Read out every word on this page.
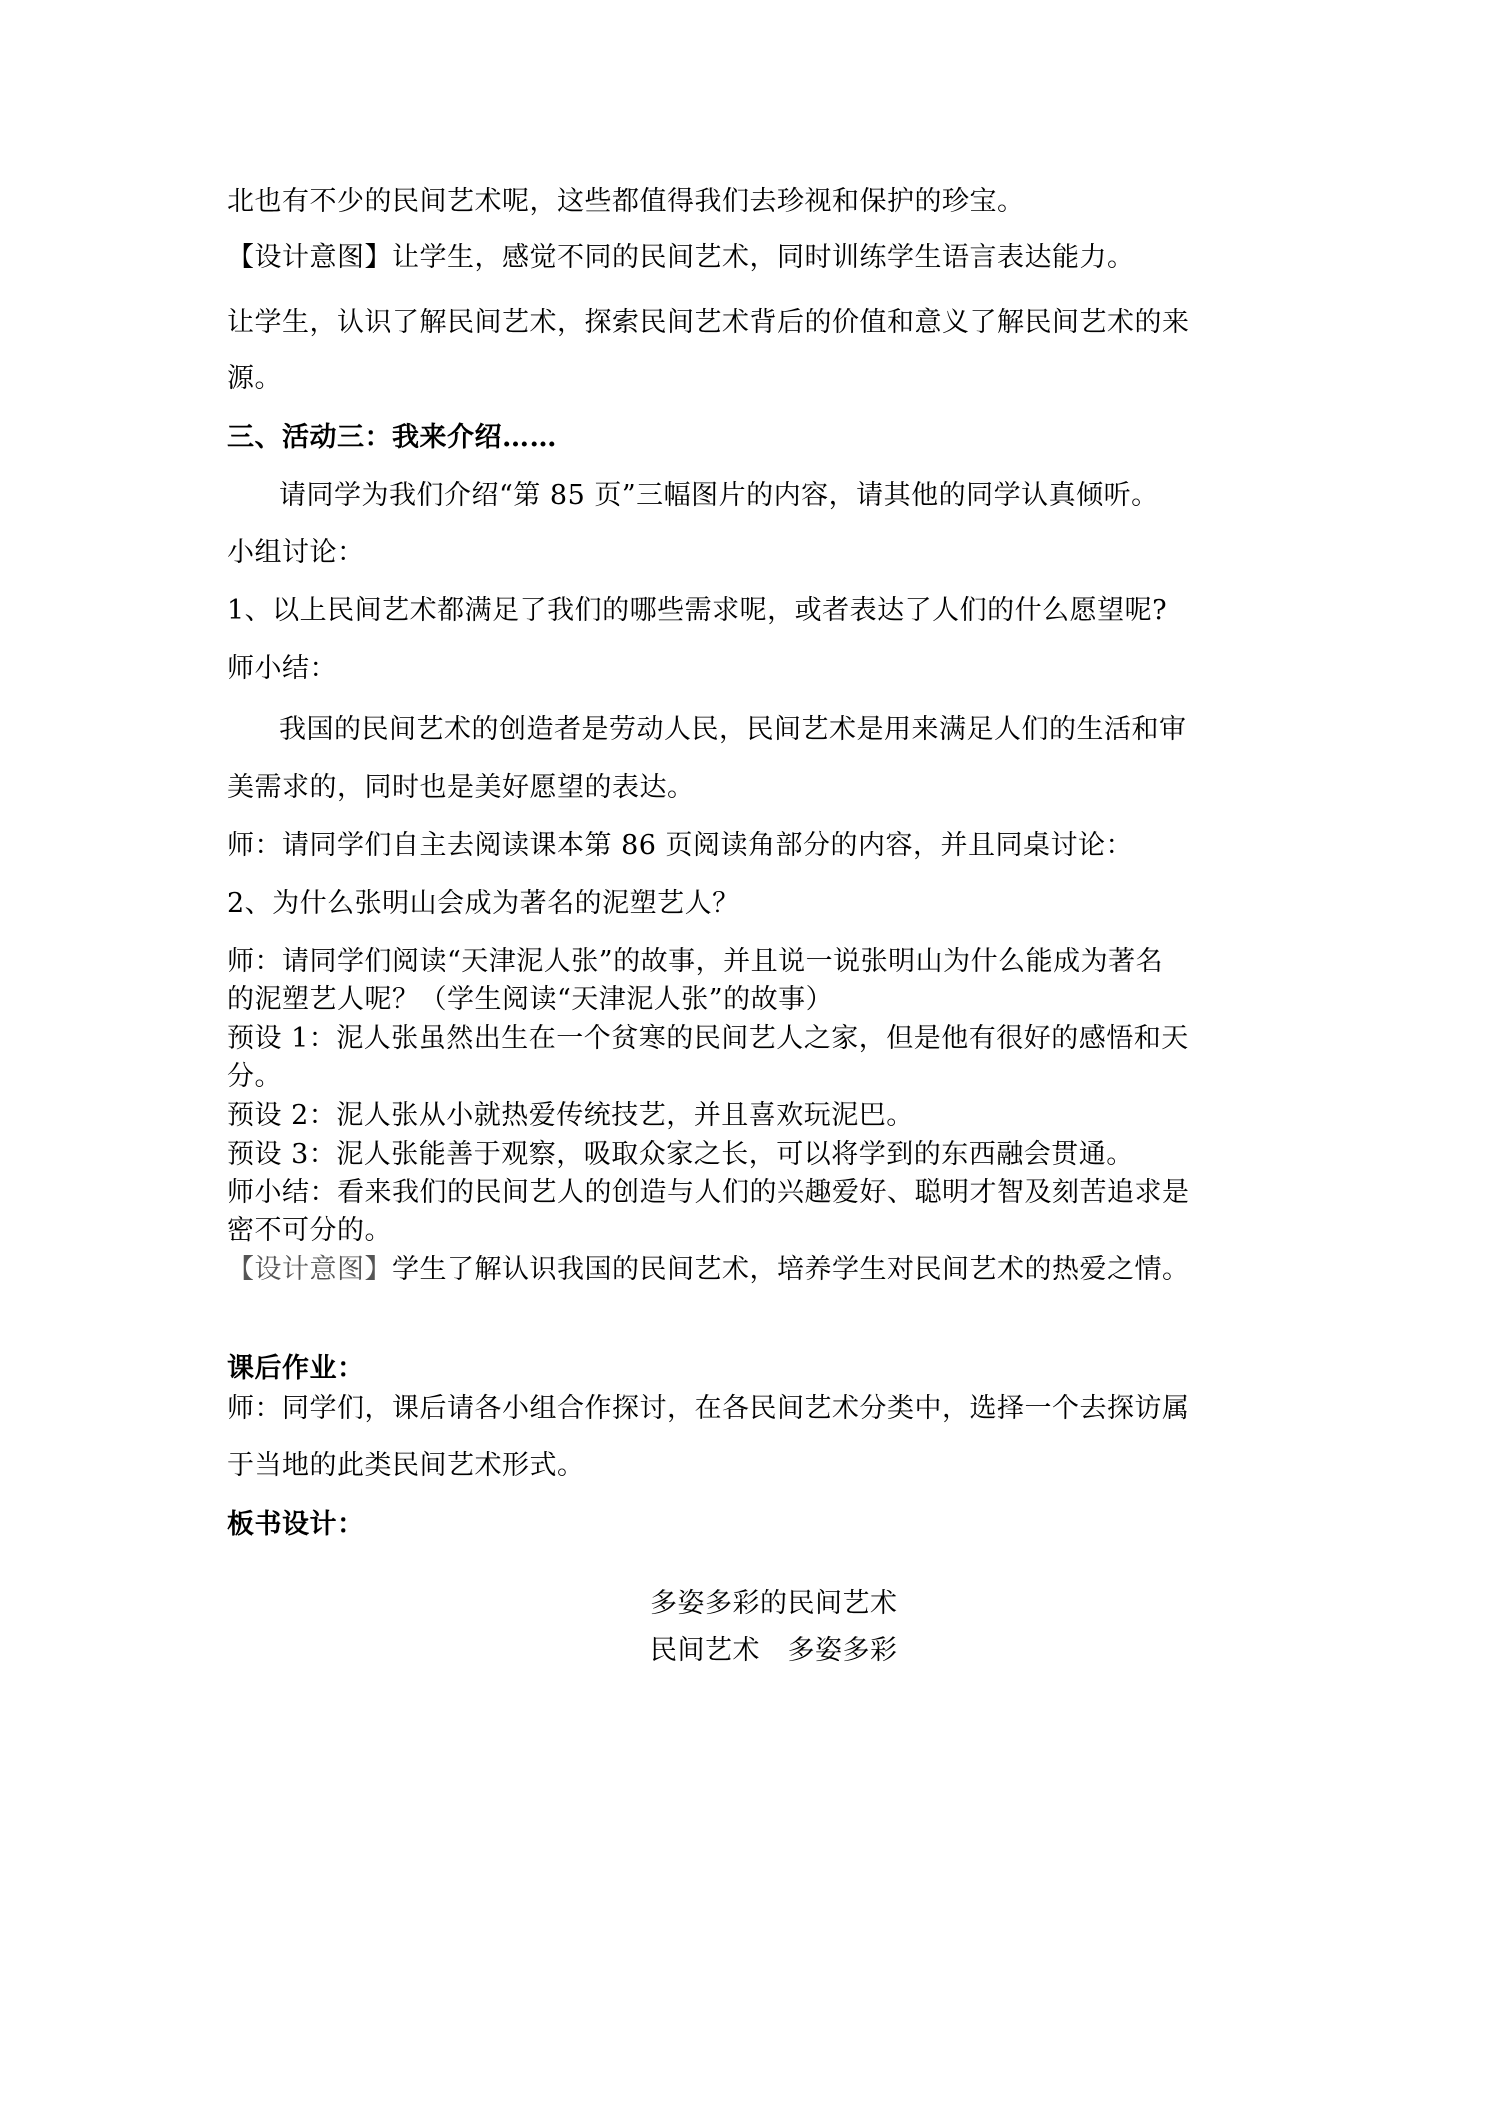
北也有不少的民间艺术呢，这些都值得我们去珍视和保护的珍宝。
【设计意图】让学生，感觉不同的民间艺术，同时训练学生语言表达能力。
让学生，认识了解民间艺术，探索民间艺术背后的价值和意义了解民间艺术的来
源。
三、活动三：我来介绍……
请同学为我们介绍“第 85 页”三幅图片的内容，请其他的同学认真倾听。
小组讨论：
1、以上民间艺术都满足了我们的哪些需求呢，或者表达了人们的什么愿望呢?
师小结：
我国的民间艺术的创造者是劳动人民，民间艺术是用来满足人们的生活和审
美需求的，同时也是美好愿望的表达。
师：请同学们自主去阅读课本第 86 页阅读角部分的内容，并且同桌讨论：
2、为什么张明山会成为著名的泥塑艺人？
师：请同学们阅读“天津泥人张”的故事，并且说一说张明山为什么能成为著名
的泥塑艺人呢？（学生阅读“天津泥人张”的故事）
预设 1：泥人张虽然出生在一个贫寒的民间艺人之家，但是他有很好的感悟和天
分。
预设 2：泥人张从小就热爱传统技艺，并且喜欢玩泥巴。
预设 3：泥人张能善于观察，吸取众家之长，可以将学到的东西融会贯通。
师小结：看来我们的民间艺人的创造与人们的兴趣爱好、聪明才智及刻苦追求是
密不可分的。
【设计意图】学生了解认识我国的民间艺术，培养学生对民间艺术的热爱之情。
课后作业：
师：同学们，课后请各小组合作探讨，在各民间艺术分类中，选择一个去探访属
于当地的此类民间艺术形式。
板书设计：
多姿多彩的民间艺术
民间艺术　多姿多彩
